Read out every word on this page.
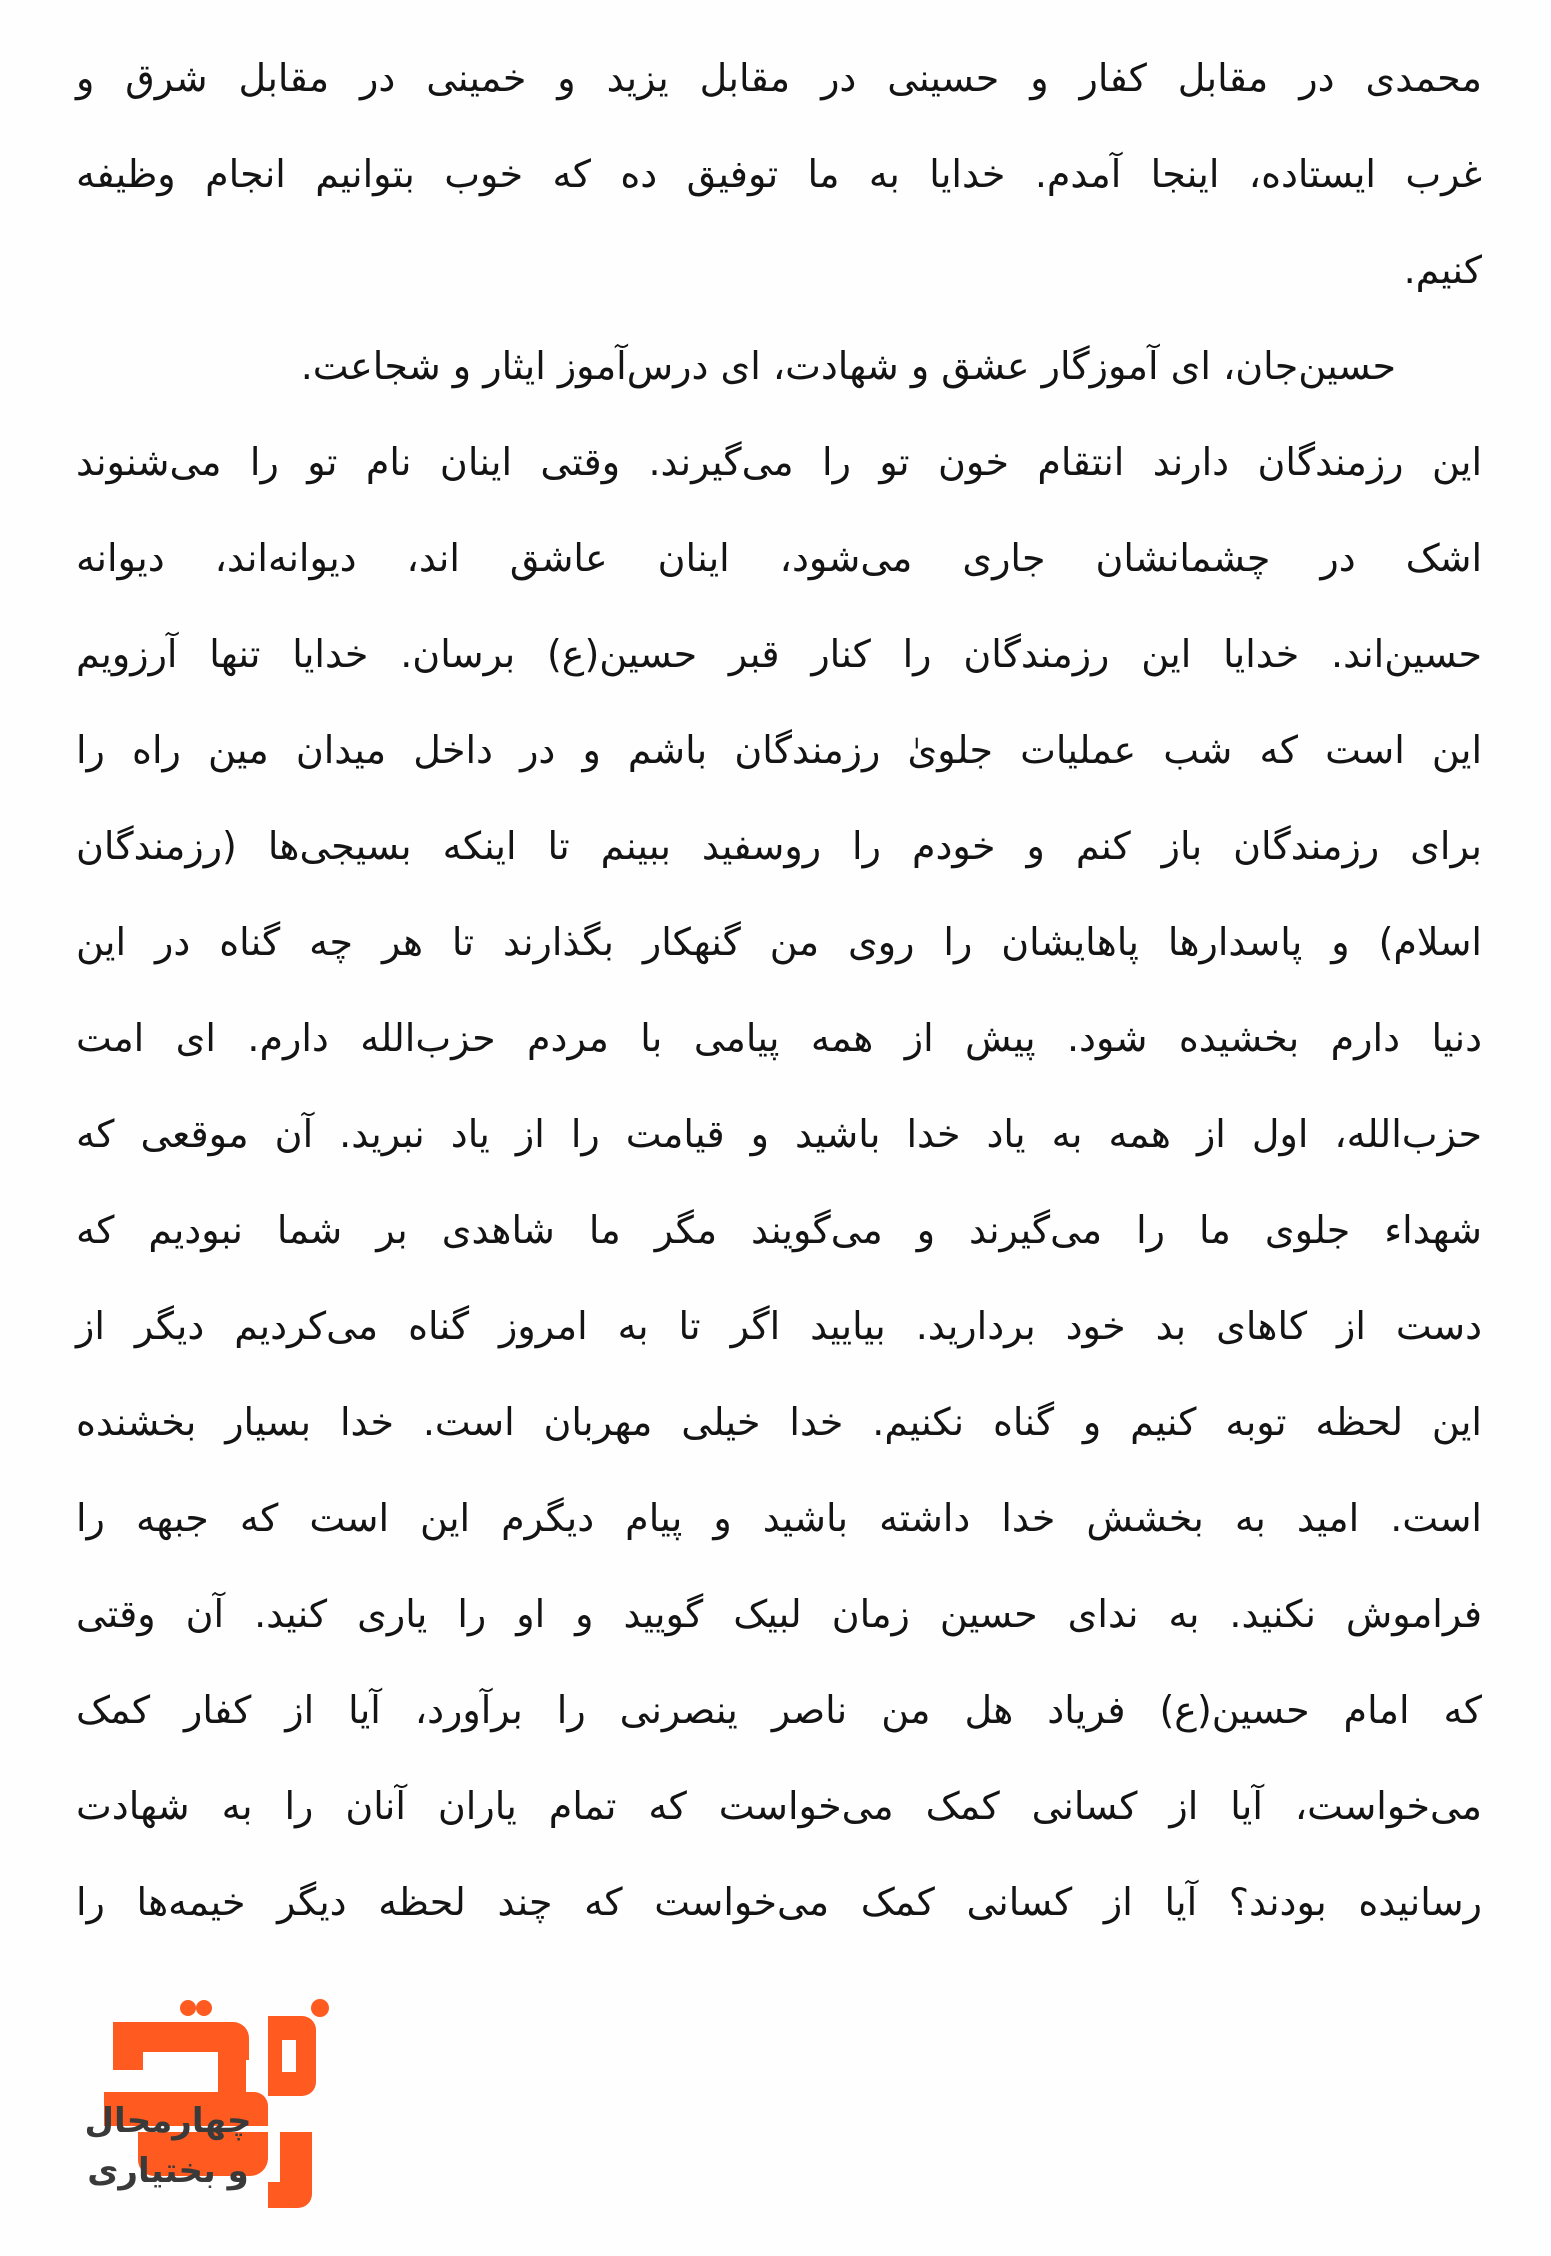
محمدی در مقابل کفار و حسینی در مقابل یزید و خمینی در مقابل شرق و
غرب ایستاده، اینجا آمدم. خدایا به ما توفیق ده که خوب بتوانیم انجام وظیفه
کنیم.
حسین‌جان، ای آموزگار عشق و شهادت، ای درس‌آموز ایثار و شجاعت.
این رزمندگان دارند انتقام خون تو را می‌گیرند. وقتی اینان نام تو را می‌شنوند
اشک در چشمانشان جاری می‌شود، اینان عاشق اند، دیوانه‌اند، دیوانه
حسین‌اند. خدایا این رزمندگان را کنار قبر حسین(ع) برسان. خدایا تنها آرزویم
این است که شب عملیات جلویٰ رزمندگان باشم و در داخل میدان مین راه را
برای رزمندگان باز کنم و خودم را روسفید ببینم تا اینکه بسیجی‌ها (رزمندگان
اسلام) و پاسدارها پاهایشان را روی من گنهکار بگذارند تا هر چه گناه در این
دنیا دارم بخشیده شود. پیش از همه پیامی با مردم حزب‌الله دارم. ای امت
حزب‌الله، اول از همه به یاد خدا باشید و قیامت را از یاد نبرید. آن موقعی که
شهداء جلوی ما را می‌گیرند و می‌گویند مگر ما شاهدی بر شما نبودیم که
دست از کاهای بد خود بردارید. بیایید اگر تا به امروز گناه می‌کردیم دیگر از
این لحظه توبه کنیم و گناه نکنیم. خدا خیلی مهربان است. خدا بسیار بخشنده
است. امید به بخشش خدا داشته باشید و پیام دیگرم این است که جبهه را
فراموش نکنید. به ندای حسین زمان لبیک گویید و او را یاری کنید. آن وقتی
که امام حسین(ع) فریاد هل من ناصر ینصرنی را برآورد، آیا از کفار کمک
می‌خواست، آیا از کسانی کمک می‌خواست که تمام یاران آنان را به شهادت
رسانیده بودند؟ آیا از کسانی کمک می‌خواست که چند لحظه دیگر خیمه‌ها را
چهارمحال
و بختیاری
نوید شاهد
